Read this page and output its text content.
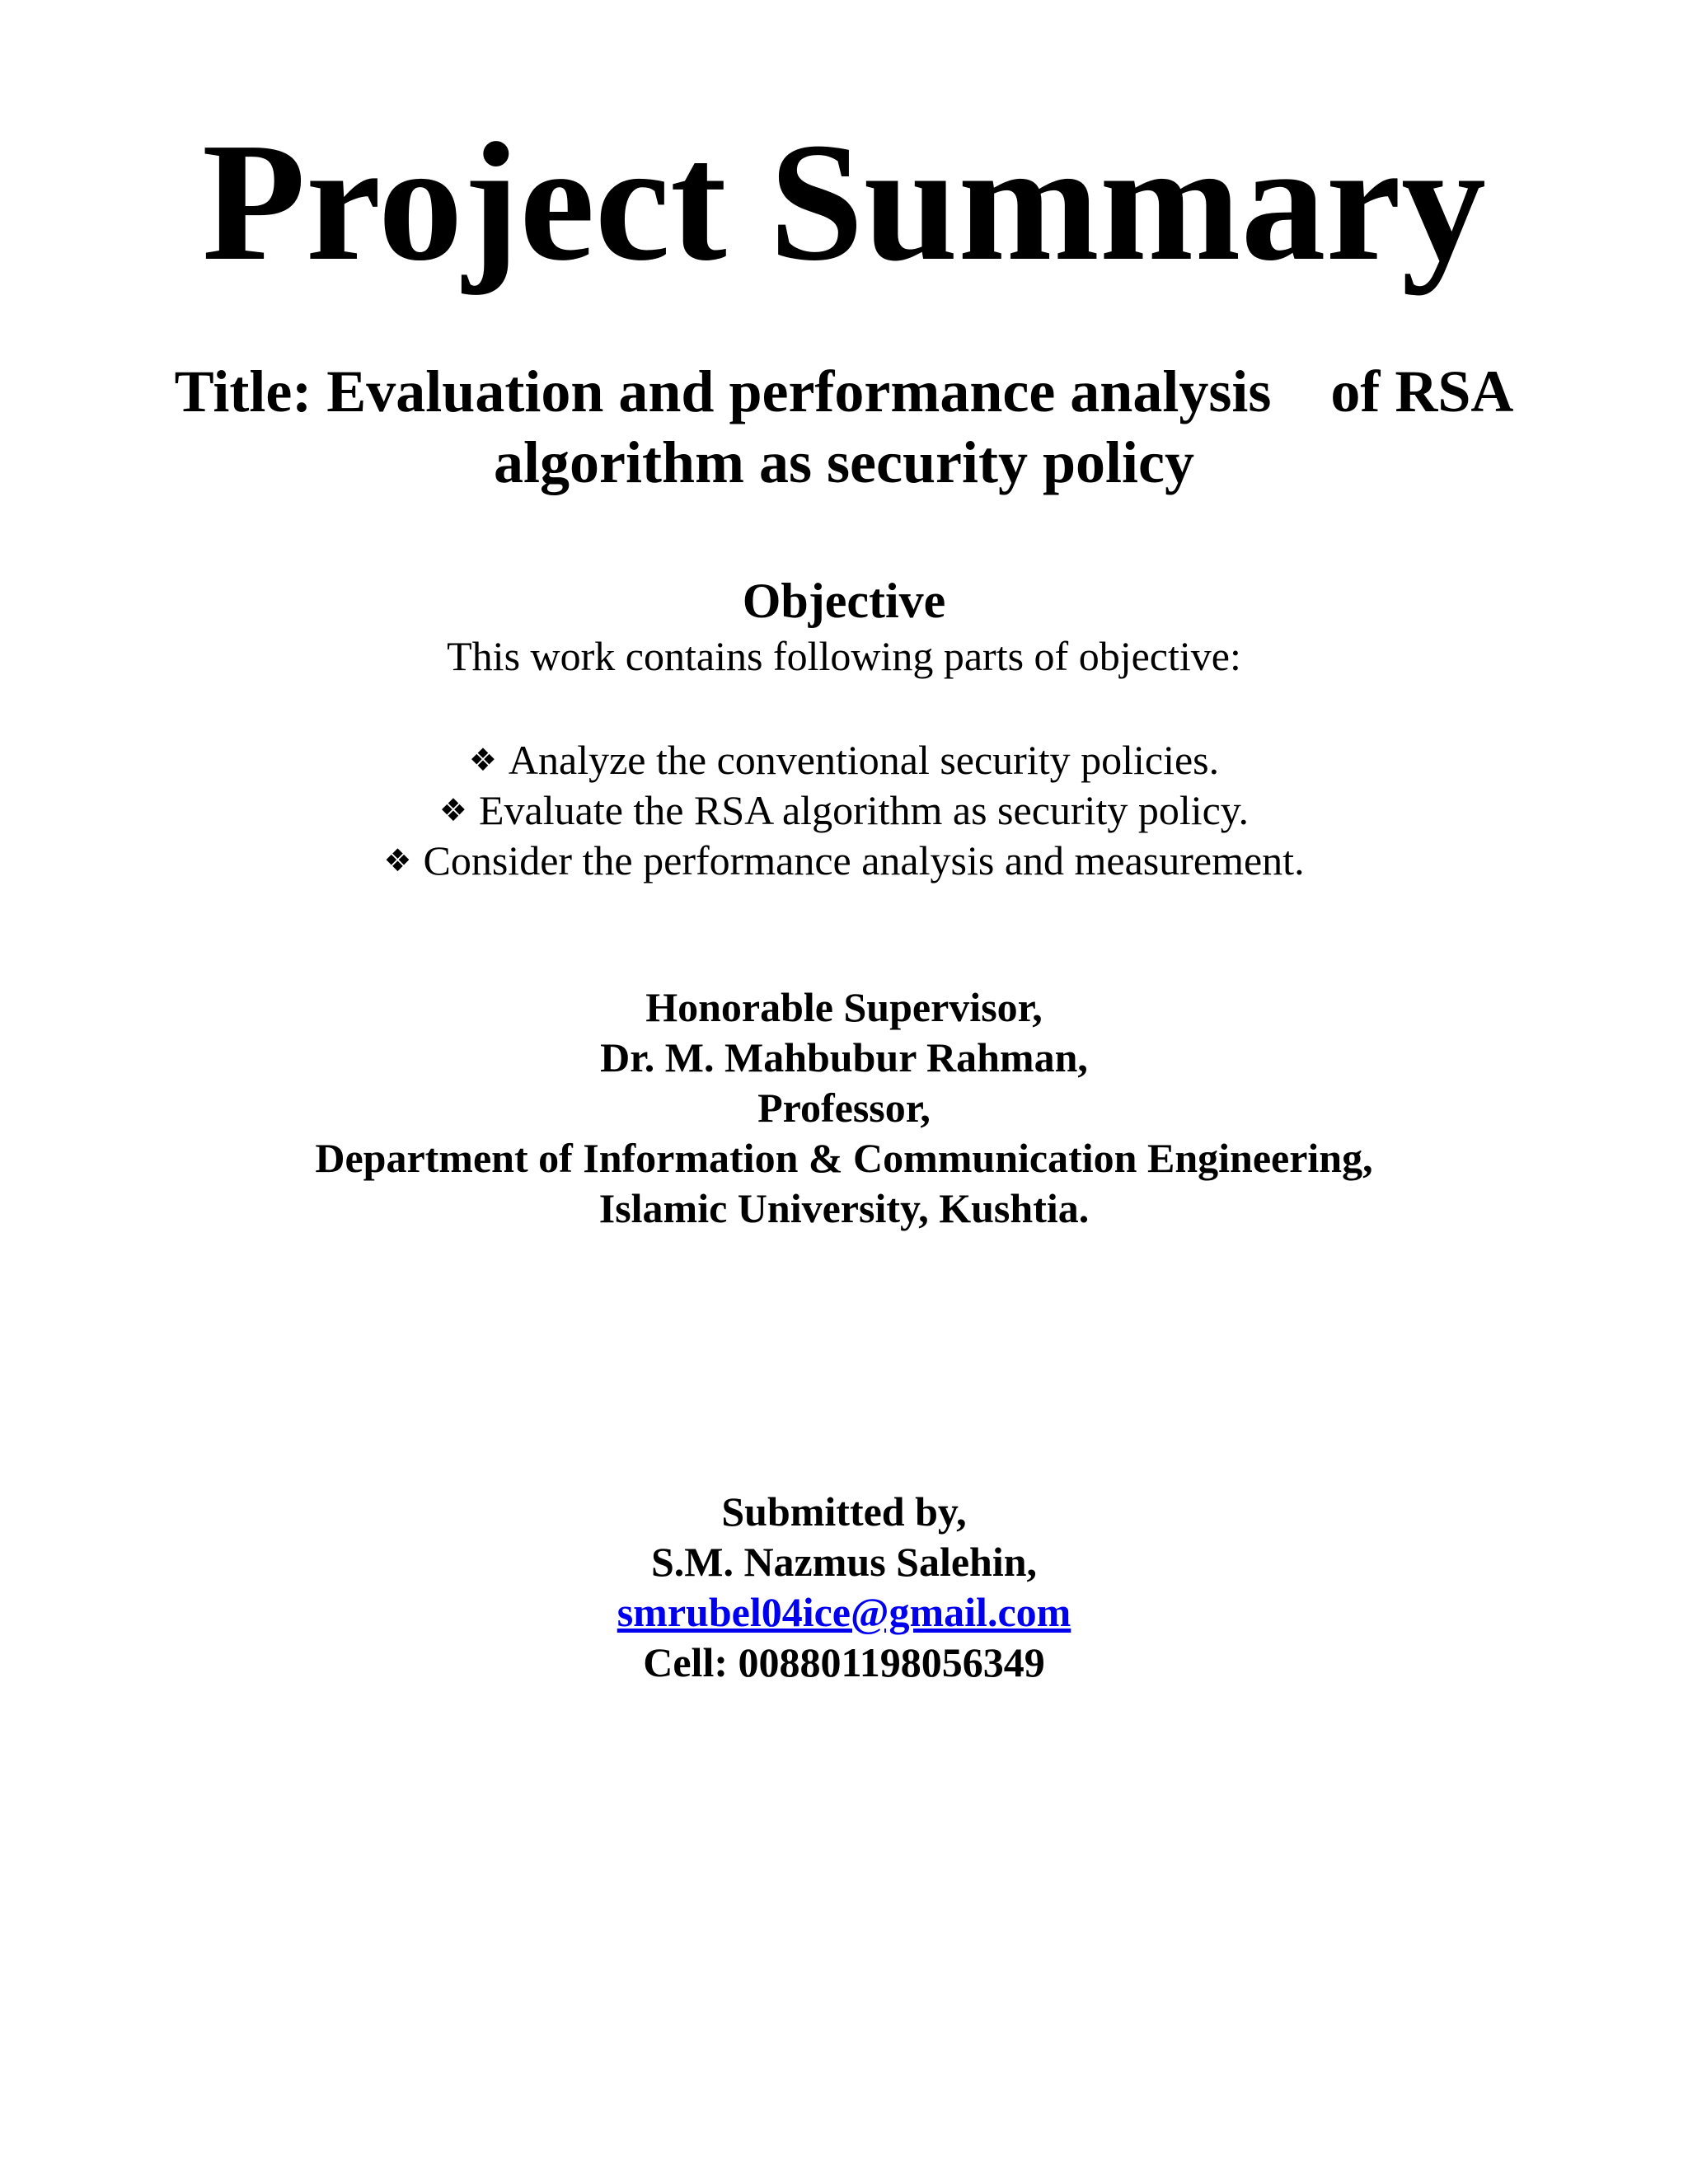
Project Summary
Title: Evaluation and performance analysis    of RSA algorithm as security policy
Objective

This work contains following parts of objective:

❖ Analyze the conventional security policies.
❖ Evaluate the RSA algorithm as security policy.
❖ Consider the performance analysis and measurement.
Honorable Supervisor,
Dr. M. Mahbubur Rahman,
Professor,
Department of Information & Communication Engineering,
Islamic University, Kushtia.
Submitted by,
S.M. Nazmus Salehin,
smrubel04ice@gmail.com
Cell: 008801198056349
